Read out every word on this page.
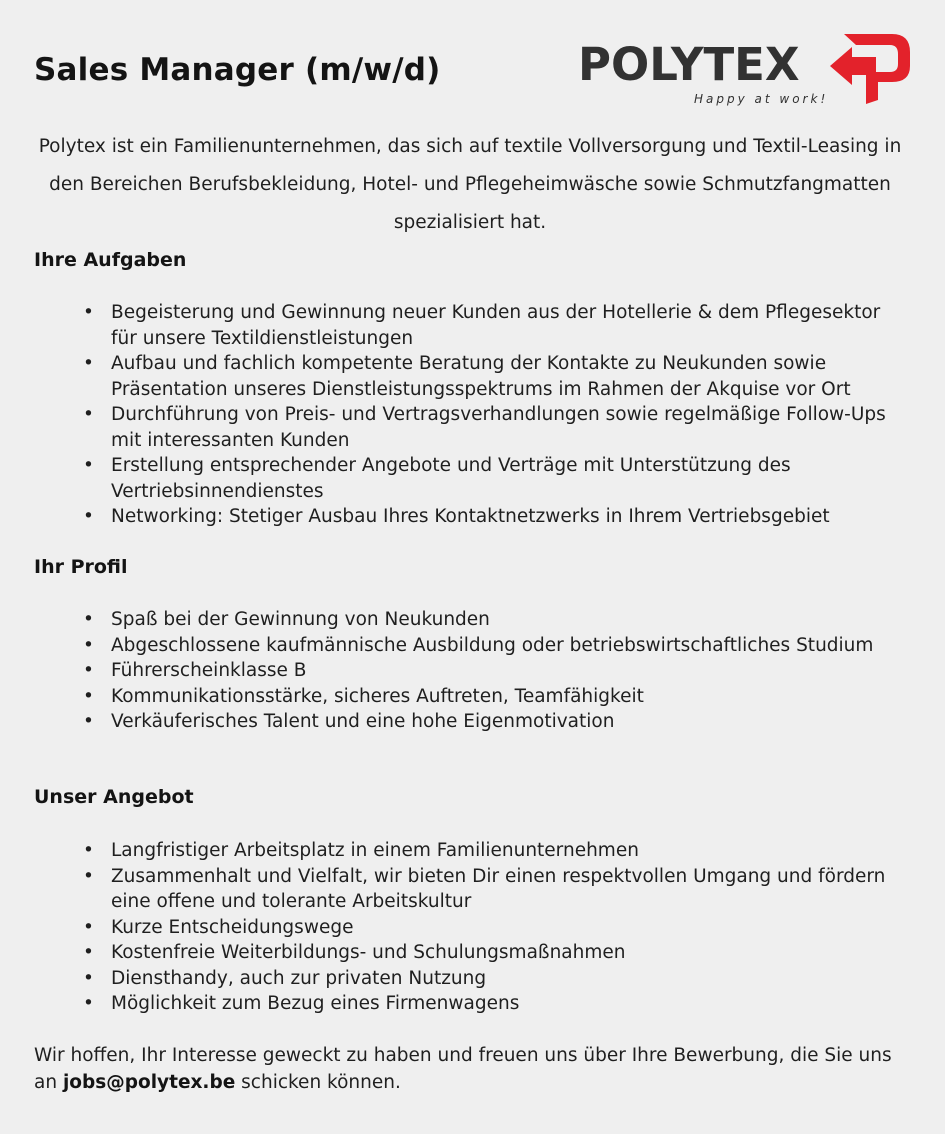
Sales Manager (m/w/d)	POLYTEX
Happy at work!

Polytex ist ein Familienunternehmen, das sich auf textile Vollversorgung und Textil-Leasing in den Bereichen Berufsbekleidung, Hotel- und Pflegeheimwäsche sowie Schmutzfangmatten spezialisiert hat.

Ihre Aufgaben
• Begeisterung und Gewinnung neuer Kunden aus der Hotellerie & dem Pflegesektor für unsere Textildienstleistungen
• Aufbau und fachlich kompetente Beratung der Kontakte zu Neukunden sowie Präsentation unseres Dienstleistungsspektrums im Rahmen der Akquise vor Ort
• Durchführung von Preis- und Vertragsverhandlungen sowie regelmäßige Follow-Ups mit interessanten Kunden
• Erstellung entsprechender Angebote und Verträge mit Unterstützung des Vertriebsinnendienstes
• Networking: Stetiger Ausbau Ihres Kontaktnetzwerks in Ihrem Vertriebsgebiet
Ihr Profil
• Spaß bei der Gewinnung von Neukunden
• Abgeschlossene kaufmännische Ausbildung oder betriebswirtschaftliches Studium
• Führerscheinklasse B
• Kommunikationsstärke, sicheres Auftreten, Teamfähigkeit
• Verkäuferisches Talent und eine hohe Eigenmotivation
Unser Angebot
• Langfristiger Arbeitsplatz in einem Familienunternehmen
• Zusammenhalt und Vielfalt, wir bieten Dir einen respektvollen Umgang und fördern eine offene und tolerante Arbeitskultur
• Kurze Entscheidungswege
• Kostenfreie Weiterbildungs- und Schulungsmaßnahmen
• Diensthandy, auch zur privaten Nutzung
• Möglichkeit zum Bezug eines Firmenwagens

Wir hoffen, Ihr Interesse geweckt zu haben und freuen uns über Ihre Bewerbung, die Sie uns an jobs@polytex.be schicken können.
